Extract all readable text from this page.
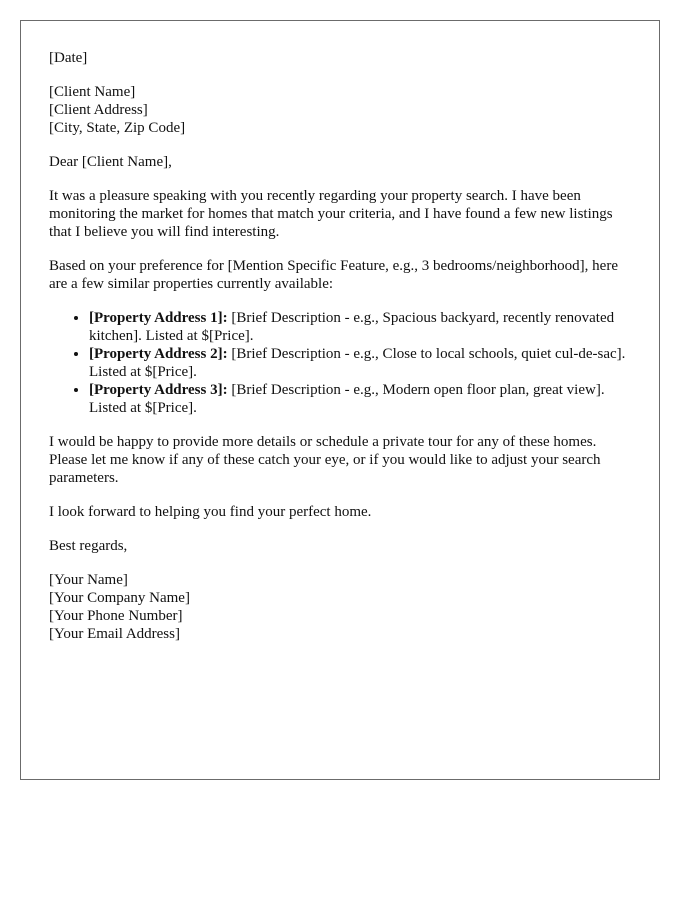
[Date]

[Client Name]
[Client Address]
[City, State, Zip Code]

Dear [Client Name],

It was a pleasure speaking with you recently regarding your property search. I have been monitoring the market for homes that match your criteria, and I have found a few new listings that I believe you will find interesting.

Based on your preference for [Mention Specific Feature, e.g., 3 bedrooms/neighborhood], here are a few similar properties currently available:

• [Property Address 1]: [Brief Description - e.g., Spacious backyard, recently renovated kitchen]. Listed at $[Price].
• [Property Address 2]: [Brief Description - e.g., Close to local schools, quiet cul-de-sac]. Listed at $[Price].
• [Property Address 3]: [Brief Description - e.g., Modern open floor plan, great view]. Listed at $[Price].

I would be happy to provide more details or schedule a private tour for any of these homes. Please let me know if any of these catch your eye, or if you would like to adjust your search parameters.

I look forward to helping you find your perfect home.

Best regards,

[Your Name]
[Your Company Name]
[Your Phone Number]
[Your Email Address]
